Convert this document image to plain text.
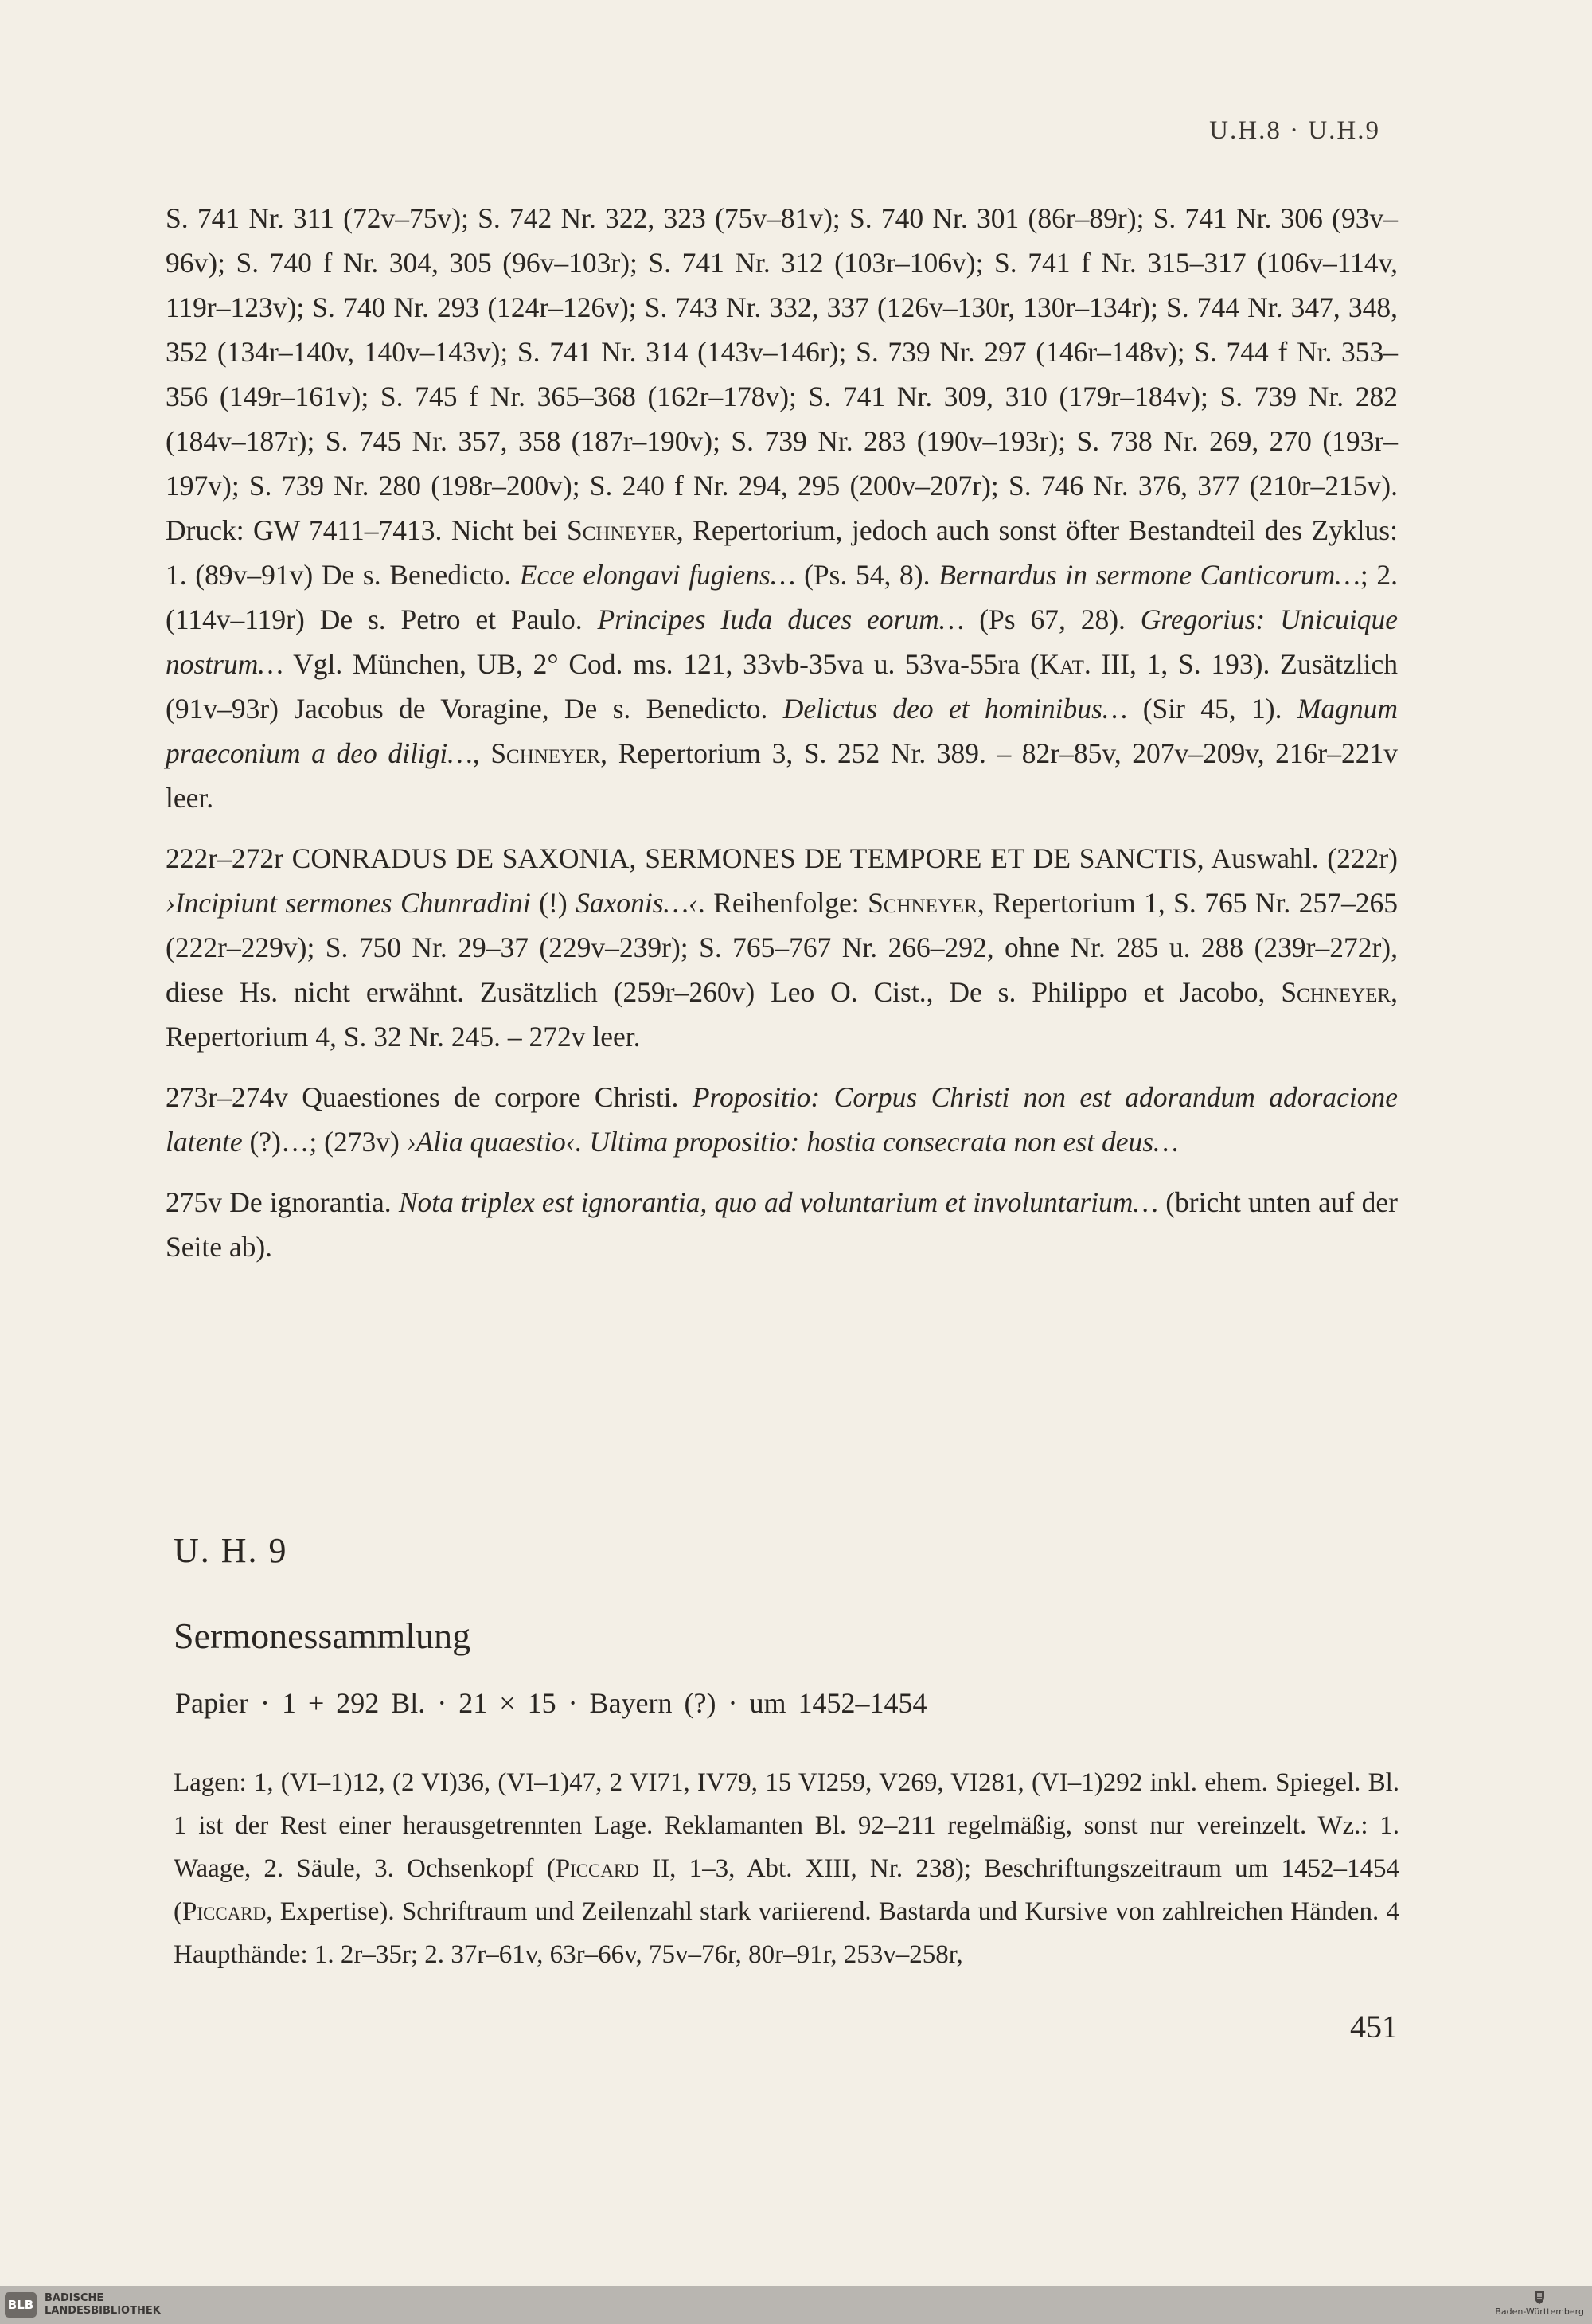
U.H.8 · U.H.9

S. 741 Nr. 311 (72v–75v); S. 742 Nr. 322, 323 (75v–81v); S. 740 Nr. 301 (86r–89r); S. 741 Nr. 306 (93v–96v); S. 740 f Nr. 304, 305 (96v–103r); S. 741 Nr. 312 (103r–106v); S. 741 f Nr. 315–317 (106v–114v, 119r–123v); S. 740 Nr. 293 (124r–126v); S. 743 Nr. 332, 337 (126v–130r, 130r–134r); S. 744 Nr. 347, 348, 352 (134r–140v, 140v–143v); S. 741 Nr. 314 (143v–146r); S. 739 Nr. 297 (146r–148v); S. 744 f Nr. 353–356 (149r–161v); S. 745 f Nr. 365–368 (162r–178v); S. 741 Nr. 309, 310 (179r–184v); S. 739 Nr. 282 (184v–187r); S. 745 Nr. 357, 358 (187r–190v); S. 739 Nr. 283 (190v–193r); S. 738 Nr. 269, 270 (193r–197v); S. 739 Nr. 280 (198r–200v); S. 240 f Nr. 294, 295 (200v–207r); S. 746 Nr. 376, 377 (210r–215v). Druck: GW 7411–7413. Nicht bei Schneyer, Repertorium, jedoch auch sonst öfter Bestandteil des Zyklus: 1. (89v–91v) De s. Benedicto. Ecce elongavi fugiens… (Ps. 54, 8). Bernardus in sermone Canticorum…; 2. (114v–119r) De s. Petro et Paulo. Principes Iuda duces eorum… (Ps 67, 28). Gregorius: Unicuique nostrum… Vgl. München, UB, 2° Cod. ms. 121, 33vb-35va u. 53va-55ra (Kat. III, 1, S. 193). Zusätzlich (91v–93r) Jacobus de Voragine, De s. Benedicto. Delictus deo et hominibus… (Sir 45, 1). Magnum praeconium a deo diligi…, Schneyer, Repertorium 3, S. 252 Nr. 389. – 82r–85v, 207v–209v, 216r–221v leer.

222r–272r CONRADUS DE SAXONIA, SERMONES DE TEMPORE ET DE SANCTIS, Auswahl. (222r) ›Incipiunt sermones Chunradini (!) Saxonis…‹. Reihenfolge: Schneyer, Repertorium 1, S. 765 Nr. 257–265 (222r–229v); S. 750 Nr. 29–37 (229v–239r); S. 765–767 Nr. 266–292, ohne Nr. 285 u. 288 (239r–272r), diese Hs. nicht erwähnt. Zusätzlich (259r–260v) Leo O. Cist., De s. Philippo et Jacobo, Schneyer, Repertorium 4, S. 32 Nr. 245. – 272v leer.

273r–274v Quaestiones de corpore Christi. Propositio: Corpus Christi non est adorandum adoracione latente (?)…; (273v) ›Alia quaestio‹. Ultima propositio: hostia consecrata non est deus…

275v De ignorantia. Nota triplex est ignorantia, quo ad voluntarium et involuntarium… (bricht unten auf der Seite ab).

U. H. 9
Sermonessammlung
Papier · 1 + 292 Bl. · 21 × 15 · Bayern (?) · um 1452–1454
Lagen: 1, (VI–1)12, (2 VI)36, (VI–1)47, 2 VI71, IV79, 15 VI259, V269, VI281, (VI–1)292 inkl. ehem. Spiegel. Bl. 1 ist der Rest einer herausgetrennten Lage. Reklamanten Bl. 92–211 regelmäßig, sonst nur vereinzelt. Wz.: 1. Waage, 2. Säule, 3. Ochsenkopf (Piccard II, 1–3, Abt. XIII, Nr. 238); Beschriftungszeitraum um 1452–1454 (Piccard, Expertise). Schriftraum und Zeilenzahl stark variierend. Bastarda und Kursive von zahlreichen Händen. 4 Haupthände: 1. 2r–35r; 2. 37r–61v, 63r–66v, 75v–76r, 80r–91r, 253v–258r,
451
BLB BADISCHE
LANDESBIBLIOTHEK	Baden-Württemberg
